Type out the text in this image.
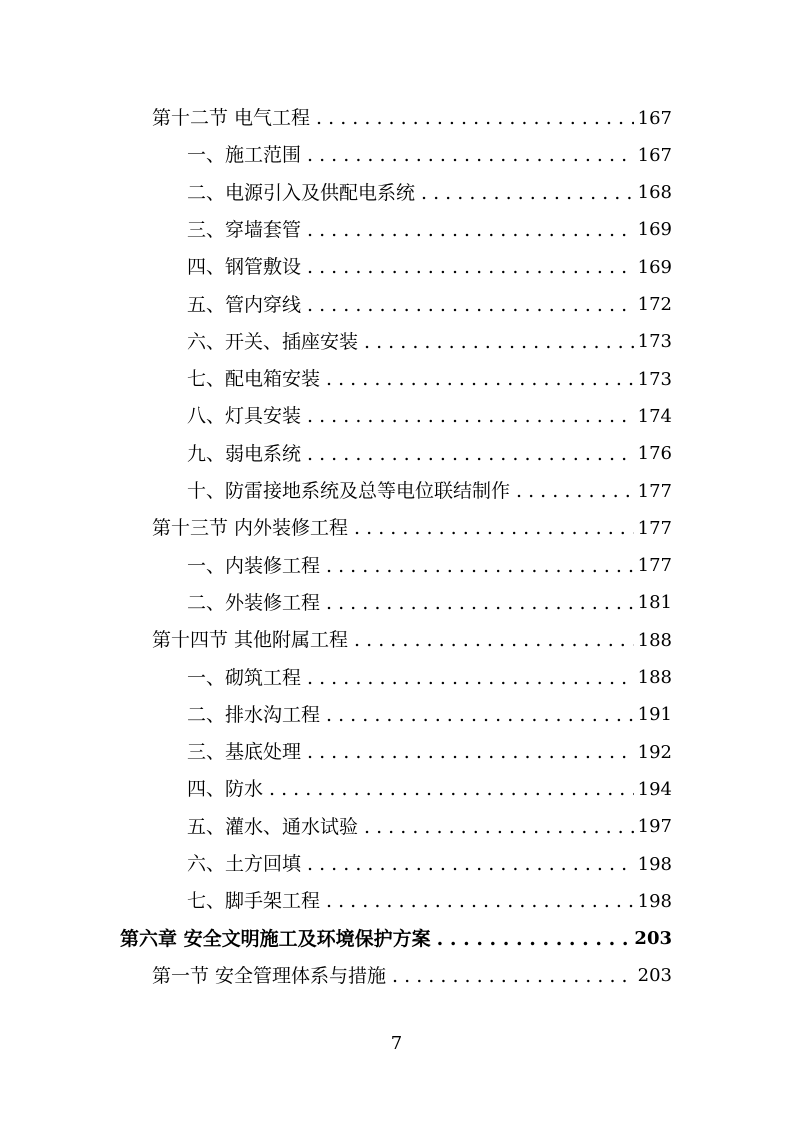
第十二节 电气工程 . . .	167
一、施工范围 . . .	167
二、电源引入及供配电系统 . . .	168
三、穿墙套管 . . .	169
四、钢管敷设 . . .	169
五、管内穿线 . . .	172
六、开关、插座安装 . . .	173
七、配电箱安装 . . .	173
八、灯具安装 . . .	174
九、弱电系统 . . .	176
十、防雷接地系统及总等电位联结制作 . . .	177
第十三节 内外装修工程 . . .	177
一、内装修工程 . . .	177
二、外装修工程 . . .	181
第十四节 其他附属工程 . . .	188
一、砌筑工程 . . .	188
二、排水沟工程 . . .	191
三、基底处理 . . .	192
四、防水 . . .	194
五、灌水、通水试验 . . .	197
六、土方回填 . . .	198
七、脚手架工程 . . .	198
第六章 安全文明施工及环境保护方案 . . .	203
第一节 安全管理体系与措施 . . .	203
7
